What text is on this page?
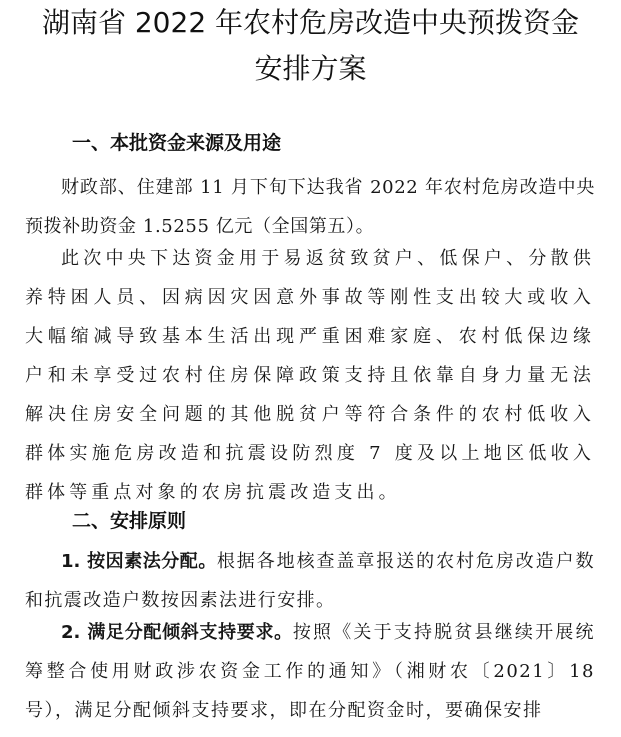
湖南省 2022 年农村危房改造中央预拨资金
安排方案
一、本批资金来源及用途

财政部、住建部 11 月下旬下达我省 2022 年农村危房改造中央预拨补助资金 1.5255 亿元（全国第五）。

此次中央下达资金用于易返贫致贫户、低保户、分散供养特困人员、因病因灾因意外事故等刚性支出较大或收入大幅缩减导致基本生活出现严重困难家庭、农村低保边缘户和未享受过农村住房保障政策支持且依靠自身力量无法解决住房安全问题的其他脱贫户等符合条件的农村低收入群体实施危房改造和抗震设防烈度 7 度及以上地区低收入群体等重点对象的农房抗震改造支出。

二、安排原则

1. 按因素法分配。根据各地核查盖章报送的农村危房改造户数和抗震改造户数按因素法进行安排。

2. 满足分配倾斜支持要求。按照《关于支持脱贫县继续开展统筹整合使用财政涉农资金工作的通知》（湘财农〔2021〕18 号），满足分配倾斜支持要求，即在分配资金时，要确保安排
